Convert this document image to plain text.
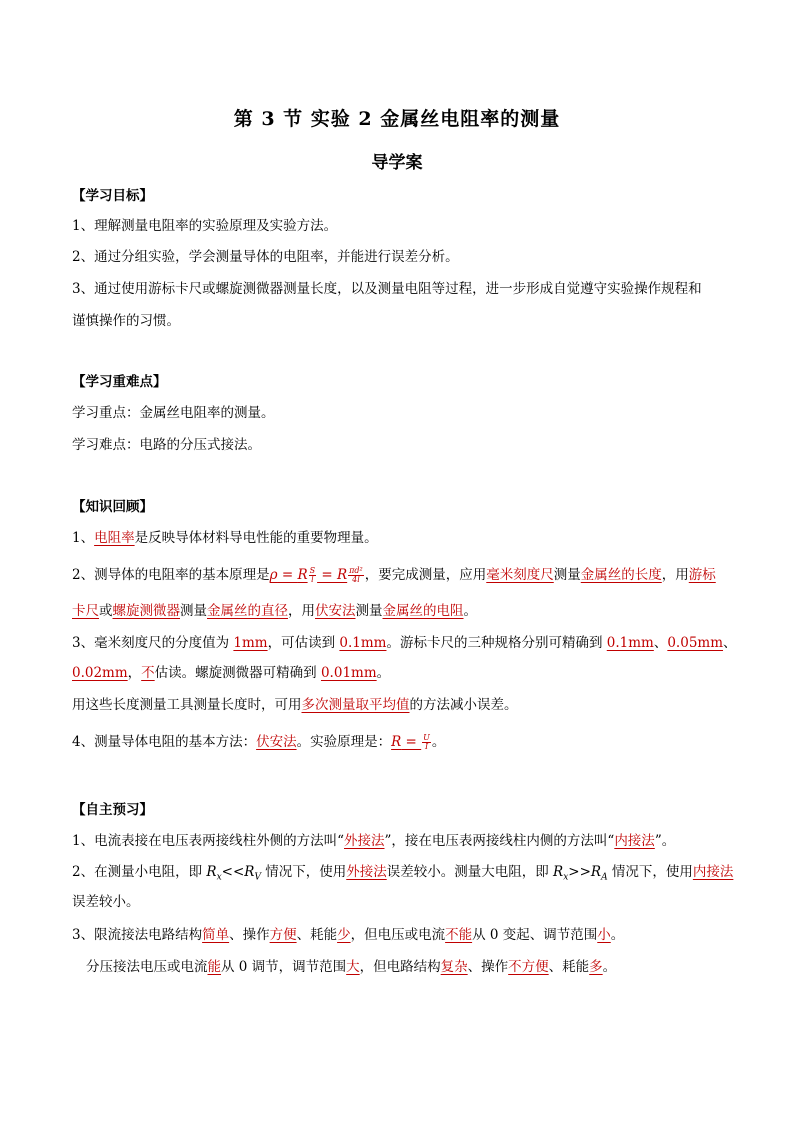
第 3 节 实验 2 金属丝电阻率的测量
导学案
【学习目标】
1、理解测量电阻率的实验原理及实验方法。
2、通过分组实验，学会测量导体的电阻率，并能进行误差分析。
3、通过使用游标卡尺或螺旋测微器测量长度，以及测量电阻等过程，进一步形成自觉遵守实验操作规程和
谨慎操作的习惯。
【学习重难点】
学习重点：金属丝电阻率的测量。
学习难点：电路的分压式接法。
【知识回顾】
1、电阻率是反映导体材料导电性能的重要物理量。
2、测导体的电阻率的基本原理是ρ = R $\frac{S}{l} = R \frac{\text{πd²}}{4l}$ ，要完成测量，应用毫米刻度尺测量金属丝的长度，用游标
卡尺或螺旋测微器测量金属丝的直径，用伏安法测量金属丝的电阻。
3、毫米刻度尺的分度值为 1mm，可估读到 0.1mm。游标卡尺的三种规格分别可精确到 0.1mm、0.05mm、
0.02mm，不估读。螺旋测微器可精确到 0.01mm。
用这些长度测量工具测量长度时，可用多次测量取平均值的方法减小误差。
4、测量导体电阻的基本方法：伏安法。实验原理是：$R = \frac{U}{I}$ 。
【自主预习】
1、电流表接在电压表两接线柱外侧的方法叫“外接法”，接在电压表两接线柱内侧的方法叫“内接法”。
2、在测量小电阻，即 $R_x<<R_V$ 情况下，使用外接法误差较小。测量大电阻，即 $R_x>>R_A$ 情况下，使用内接法
误差较小。
3、限流接法电路结构简单、操作方便、耗能少，但电压或电流不能从 0 变起、调节范围小。
分压接法电压或电流能从 0 调节，调节范围大，但电路结构复杂、操作不方便、耗能多。
